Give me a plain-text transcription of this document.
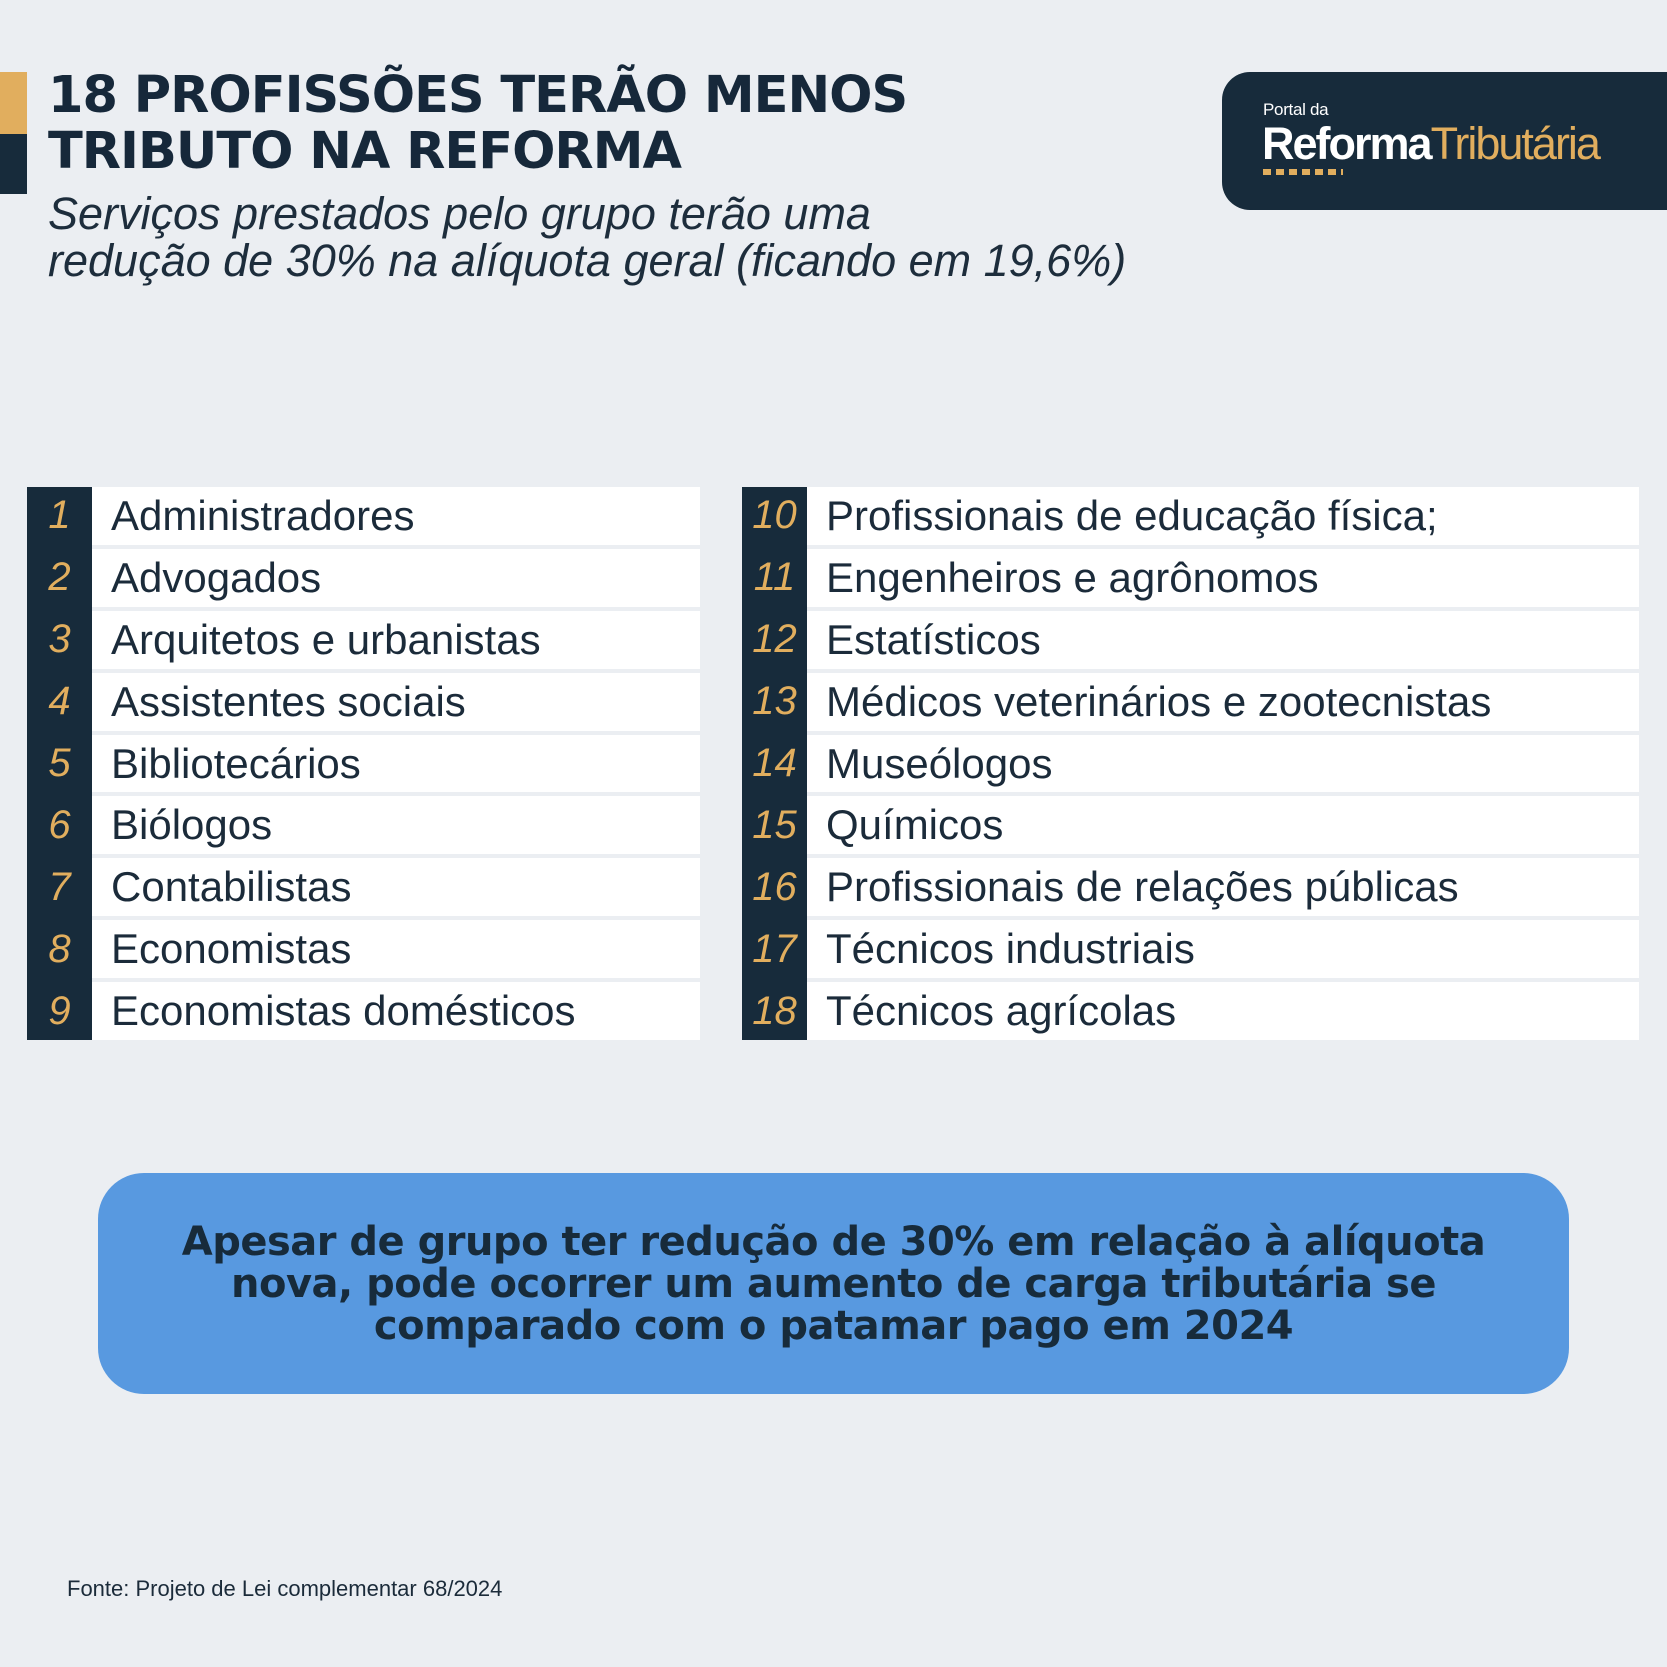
18 PROFISSÕES TERÃO MENOS
TRIBUTO NA REFORMA
Serviços prestados pelo grupo terão uma
redução de 30% na alíquota geral (ficando em 19,6%)
Portal da
ReformaTributária
1 Administradores
2 Advogados
3 Arquitetos e urbanistas
4 Assistentes sociais
5 Bibliotecários
6 Biólogos
7 Contabilistas
8 Economistas
9 Economistas domésticos
10 Profissionais de educação física;
11 Engenheiros e agrônomos
12 Estatísticos
13 Médicos veterinários e zootecnistas
14 Museólogos
15 Químicos
16 Profissionais de relações públicas
17 Técnicos industriais
18 Técnicos agrícolas
Apesar de grupo ter redução de 30% em relação à alíquota
nova, pode ocorrer um aumento de carga tributária se
comparado com o patamar pago em 2024
Fonte: Projeto de Lei complementar 68/2024
